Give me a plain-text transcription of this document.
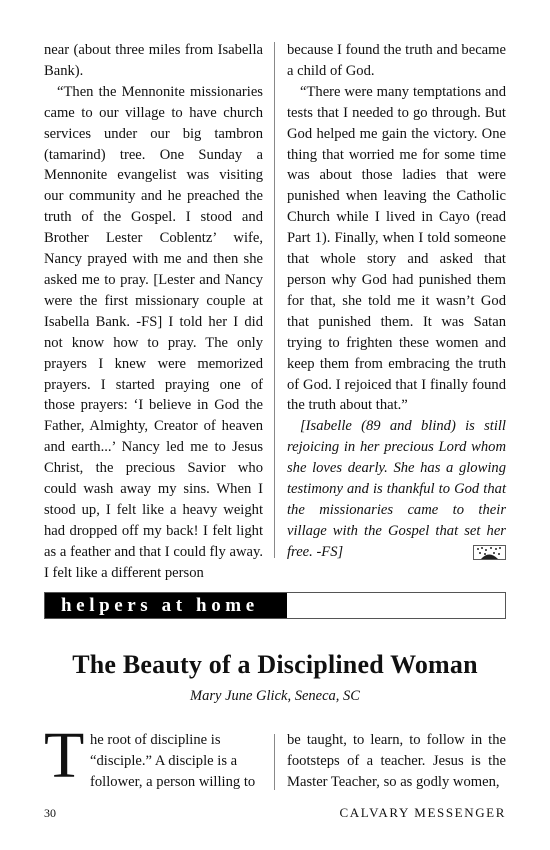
near (about three miles from Isabella Bank).

“Then the Mennonite missionaries came to our village to have church services under our big tambron (tamarind) tree. One Sunday a Mennonite evangelist was visiting our community and he preached the truth of the Gospel. I stood and Brother Lester Coblentz’ wife, Nancy prayed with me and then she asked me to pray. [Lester and Nancy were the first missionary couple at Isabella Bank. -FS] I told her I did not know how to pray. The only prayers I knew were memorized prayers. I started praying one of those prayers: ‘I believe in God the Father, Almighty, Creator of heaven and earth...’ Nancy led me to Jesus Christ, the precious Savior who could wash away my sins. When I stood up, I felt like a heavy weight had dropped off my back! I felt light as a feather and that I could fly away. I felt like a different person

because I found the truth and became a child of God.

“There were many temptations and tests that I needed to go through. But God helped me gain the victory. One thing that worried me for some time was about those ladies that were punished when leaving the Catholic Church while I lived in Cayo (read Part 1). Finally, when I told someone that whole story and asked that person why God had punished them for that, she told me it wasn’t God that punished them. It was Satan trying to frighten these women and keep them from embracing the truth of God. I rejoiced that I finally found the truth about that.”

[Isabelle (89 and blind) is still rejoicing in her precious Lord whom she loves dearly. She has a glowing testimony and is thankful to God that the missionaries came to their village with the Gospel that set her free. -FS]

helpers at home
The Beauty of a Disciplined Woman
Mary June Glick, Seneca, SC
T he root of discipline is
“disciple.” A disciple is a
follower, a person willing to
be taught, to learn, to follow in the footsteps of a teacher. Jesus is the Master Teacher, so as godly women,
30	CALVARY MESSENGER
